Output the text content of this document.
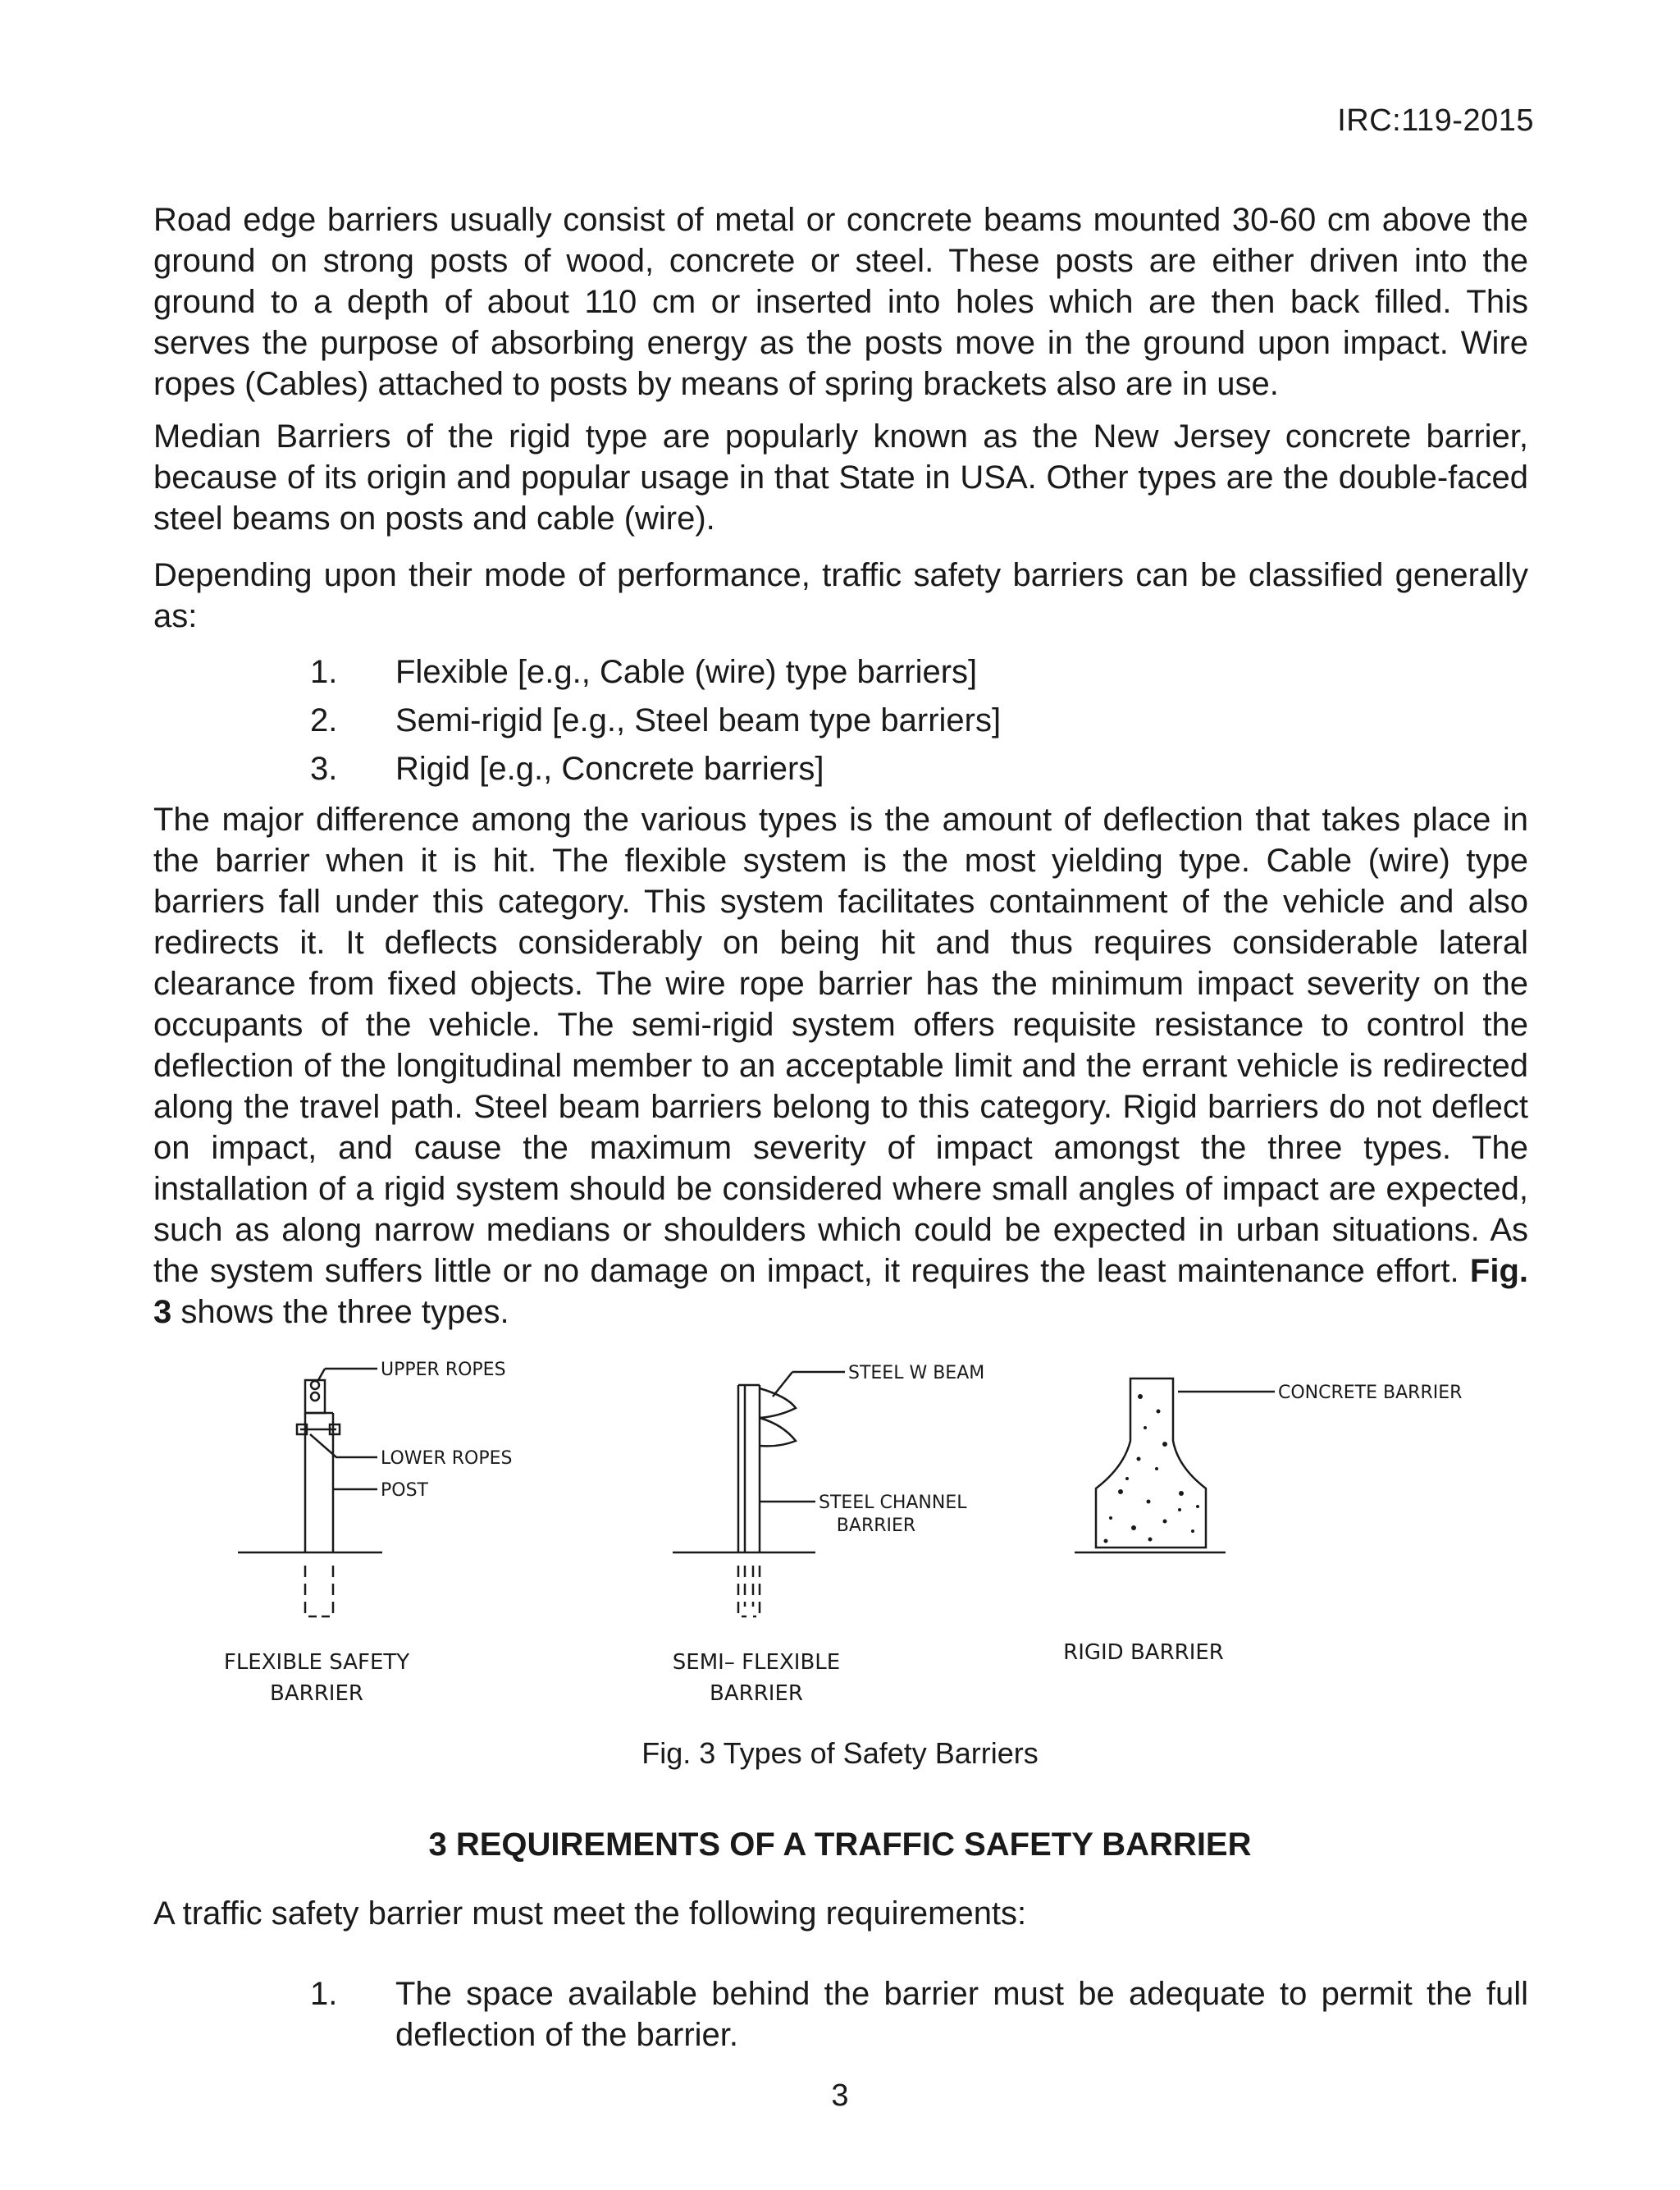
IRC:119-2015

Road edge barriers usually consist of metal or concrete beams mounted 30-60 cm above the ground on strong posts of wood, concrete or steel. These posts are either driven into the ground to a depth of about 110 cm or inserted into holes which are then back filled. This serves the purpose of absorbing energy as the posts move in the ground upon impact. Wire ropes (Cables) attached to posts by means of spring brackets also are in use.

Median Barriers of the rigid type are popularly known as the New Jersey concrete barrier, because of its origin and popular usage in that State in USA. Other types are the double-faced steel beams on posts and cable (wire).

Depending upon their mode of performance, traffic safety barriers can be classified generally as:

1.	Flexible [e.g., Cable (wire) type barriers]
2.	Semi-rigid [e.g., Steel beam type barriers]
3.	Rigid [e.g., Concrete barriers]

The major difference among the various types is the amount of deflection that takes place in the barrier when it is hit. The flexible system is the most yielding type. Cable (wire) type barriers fall under this category. This system facilitates containment of the vehicle and also redirects it. It deflects considerably on being hit and thus requires considerable lateral clearance from fixed objects. The wire rope barrier has the minimum impact severity on the occupants of the vehicle. The semi-rigid system offers requisite resistance to control the deflection of the longitudinal member to an acceptable limit and the errant vehicle is redirected along the travel path. Steel beam barriers belong to this category. Rigid barriers do not deflect on impact, and cause the maximum severity of impact amongst the three types. The installation of a rigid system should be considered where small angles of impact are expected, such as along narrow medians or shoulders which could be expected in urban situations. As the system suffers little or no damage on impact, it requires the least maintenance effort. Fig. 3 shows the three types.

UPPER ROPES
LOWER ROPES
POST
FLEXIBLE SAFETY
BARRIER
STEEL W BEAM
STEEL CHANNEL
BARRIER
SEMI– FLEXIBLE
BARRIER
CONCRETE BARRIER
RIGID BARRIER
Fig. 3 Types of Safety Barriers
3 REQUIREMENTS OF A TRAFFIC SAFETY BARRIER

A traffic safety barrier must meet the following requirements:

1.	The space available behind the barrier must be adequate to permit the full deflection of the barrier.
3
